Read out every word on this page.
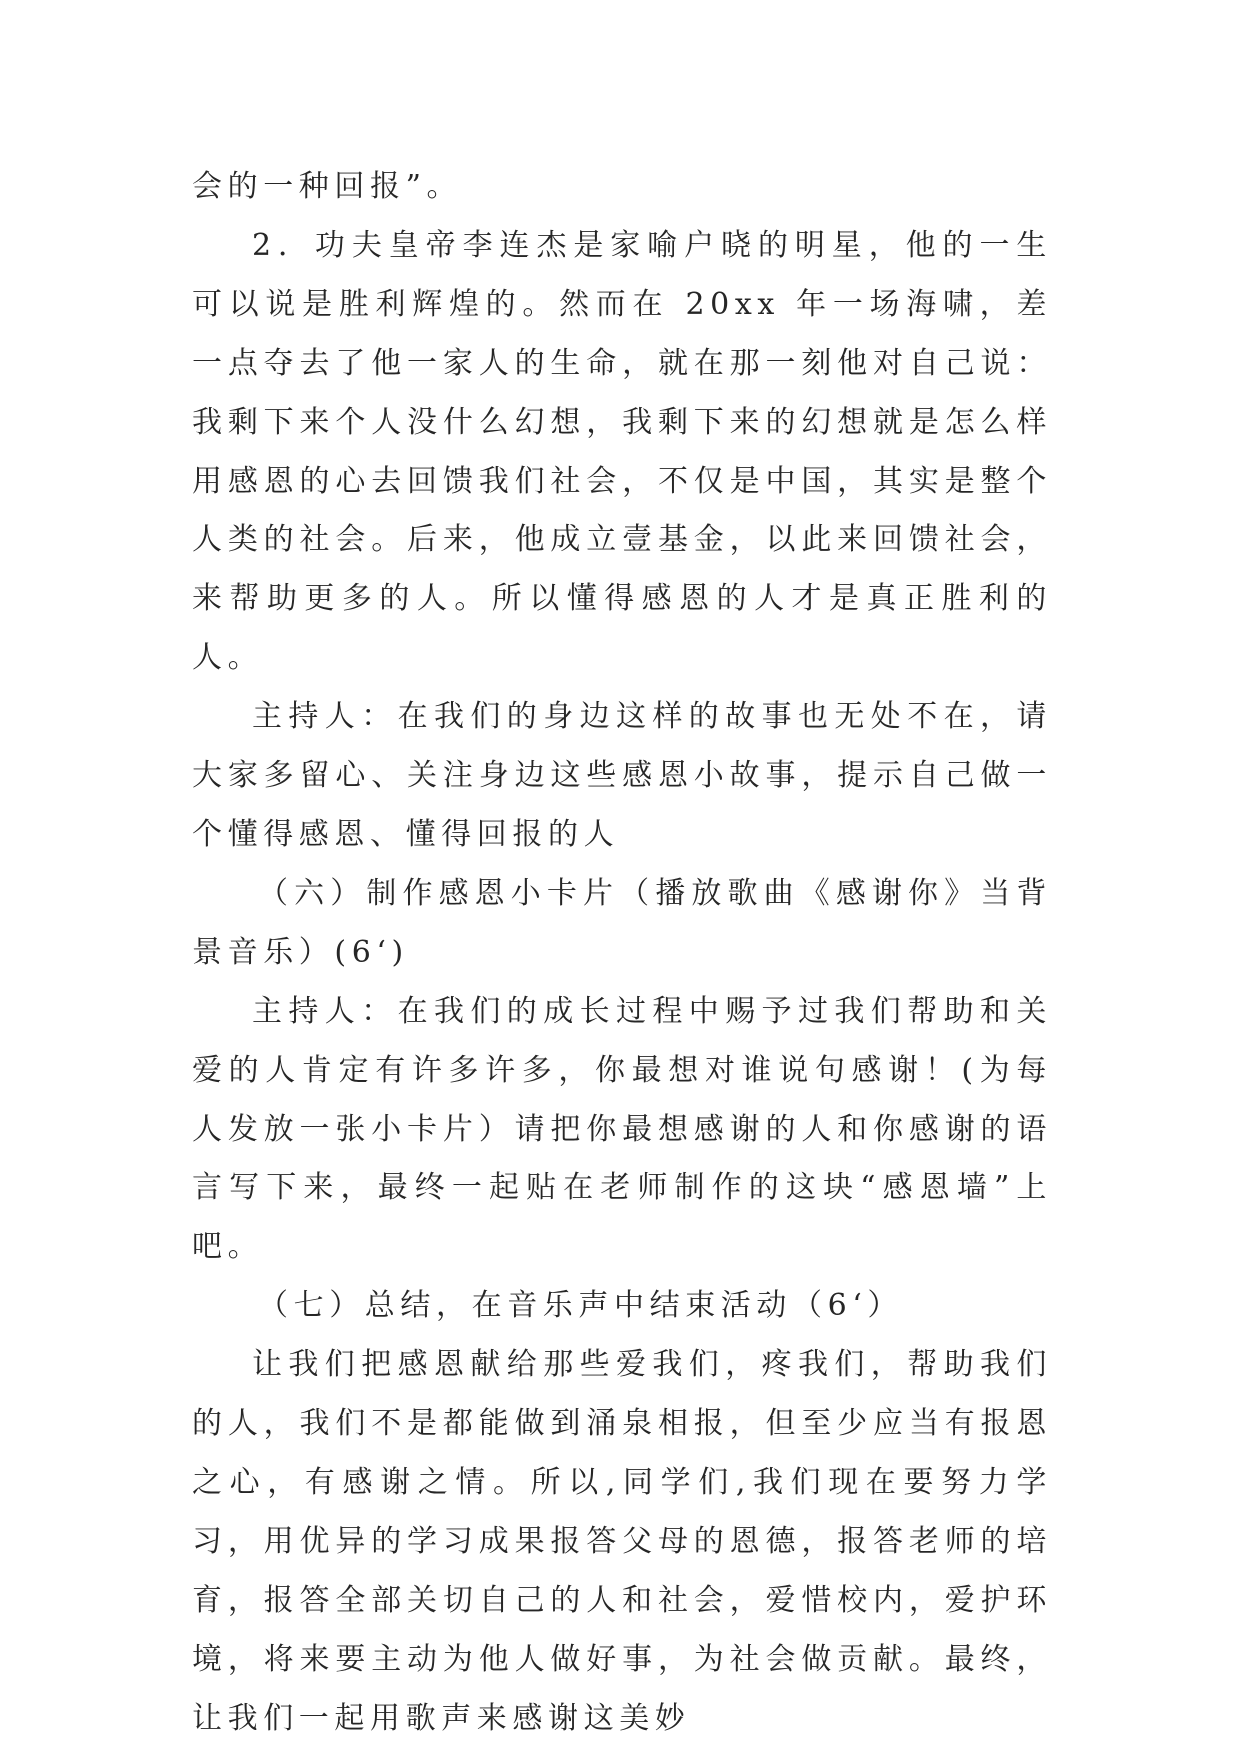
会的一种回报”。

2．功夫皇帝李连杰是家喻户晓的明星，他的一生可以说是胜利辉煌的。然而在 20xx 年一场海啸，差一点夺去了他一家人的生命，就在那一刻他对自己说：我剩下来个人没什么幻想，我剩下来的幻想就是怎么样用感恩的心去回馈我们社会，不仅是中国，其实是整个人类的社会。后来，他成立壹基金，以此来回馈社会，来帮助更多的人。所以懂得感恩的人才是真正胜利的人。

主持人：在我们的身边这样的故事也无处不在，请大家多留心、关注身边这些感恩小故事，提示自己做一个懂得感恩、懂得回报的人

（六）制作感恩小卡片（播放歌曲《感谢你》当背景音乐）(6‘)

主持人：在我们的成长过程中赐予过我们帮助和关爱的人肯定有许多许多，你最想对谁说句感谢！(为每人发放一张小卡片）请把你最想感谢的人和你感谢的语言写下来，最终一起贴在老师制作的这块“感恩墙”上吧。

（七）总结，在音乐声中结束活动（6‘）

让我们把感恩献给那些爱我们，疼我们，帮助我们的人，我们不是都能做到涌泉相报，但至少应当有报恩之心，有感谢之情。所以,同学们,我们现在要努力学习，用优异的学习成果报答父母的恩德，报答老师的培育，报答全部关切自己的人和社会，爱惜校内，爱护环境，将来要主动为他人做好事，为社会做贡献。最终，让我们一起用歌声来感谢这美妙
